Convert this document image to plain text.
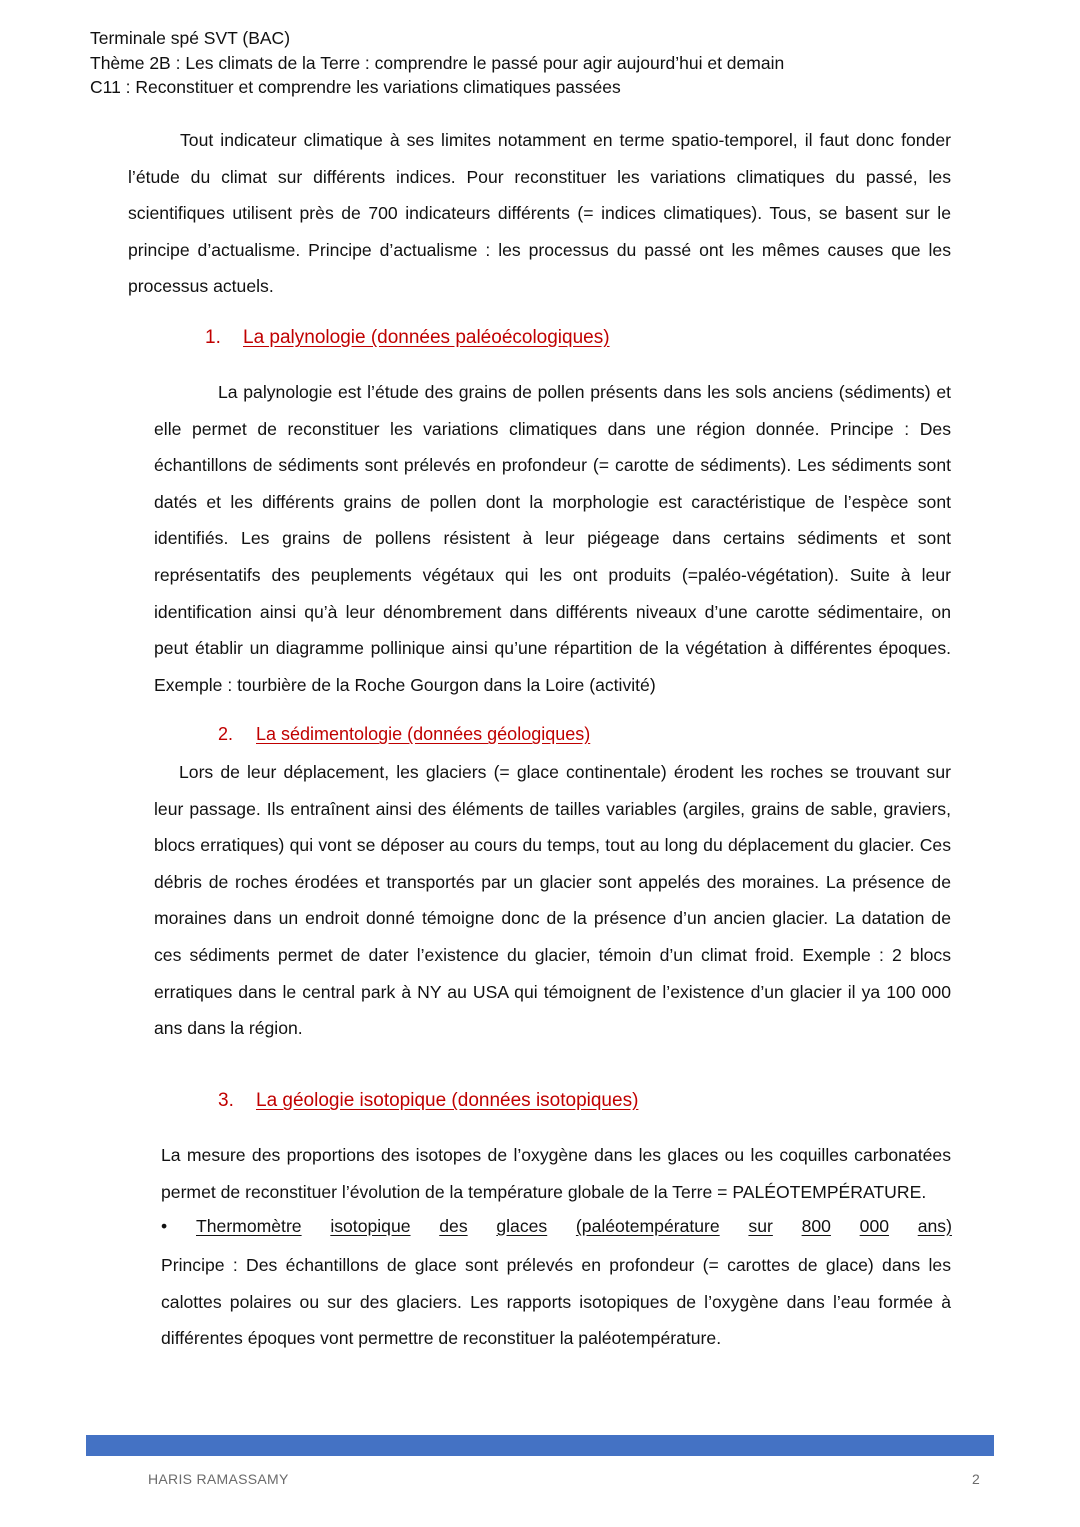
Terminale spé SVT (BAC)
Thème 2B : Les climats de la Terre : comprendre le passé pour agir aujourd’hui et demain
C11 : Reconstituer et comprendre les variations climatiques passées

Tout indicateur climatique à ses limites notamment en terme spatio-temporel, il faut donc fonder l’étude du climat sur différents indices. Pour reconstituer les variations climatiques du passé, les scientifiques utilisent près de 700 indicateurs différents (= indices climatiques). Tous, se basent sur le principe d’actualisme. Principe d’actualisme : les processus du passé ont les mêmes causes que les processus actuels.

1. La palynologie (données paléoécologiques)

La palynologie est l’étude des grains de pollen présents dans les sols anciens (sédiments) et elle permet de reconstituer les variations climatiques dans une région donnée. Principe : Des échantillons de sédiments sont prélevés en profondeur (= carotte de sédiments). Les sédiments sont datés et les différents grains de pollen dont la morphologie est caractéristique de l’espèce sont identifiés. Les grains de pollens résistent à leur piégeage dans certains sédiments et sont représentatifs des peuplements végétaux qui les ont produits (=paléo-végétation). Suite à leur identification ainsi qu’à leur dénombrement dans différents niveaux d’une carotte sédimentaire, on peut établir un diagramme pollinique ainsi qu’une répartition de la végétation à différentes époques. Exemple : tourbière de la Roche Gourgon dans la Loire (activité)

2. La sédimentologie (données géologiques)

Lors de leur déplacement, les glaciers (= glace continentale) érodent les roches se trouvant sur leur passage. Ils entraînent ainsi des éléments de tailles variables (argiles, grains de sable, graviers, blocs erratiques) qui vont se déposer au cours du temps, tout au long du déplacement du glacier. Ces débris de roches érodées et transportés par un glacier sont appelés des moraines. La présence de moraines dans un endroit donné témoigne donc de la présence d’un ancien glacier. La datation de ces sédiments permet de dater l’existence du glacier, témoin d’un climat froid. Exemple : 2 blocs erratiques dans le central park à NY au USA qui témoignent de l’existence d’un glacier il ya 100 000 ans dans la région.

3. La géologie isotopique (données isotopiques)

La mesure des proportions des isotopes de l’oxygène dans les glaces ou les coquilles carbonatées permet de reconstituer l’évolution de la température globale de la Terre = PALÉOTEMPÉRATURE.

• Thermomètre isotopique des glaces (paléotempérature sur 800 000 ans)

Principe : Des échantillons de glace sont prélevés en profondeur (= carottes de glace) dans les calottes polaires ou sur des glaciers. Les rapports isotopiques de l’oxygène dans l’eau formée à différentes époques vont permettre de reconstituer la paléotempérature.

HARIS RAMASSAMY	2
